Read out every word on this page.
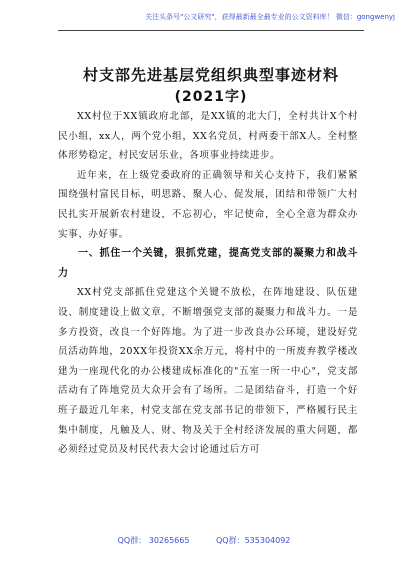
关注头条号"公文研究"，获得最新最全最专业的公文资料库！ 微信：gongwenyj
村支部先进基层党组织典型事迹材料
(2021字)

XX村位于XX镇政府北部，是XX镇的北大门，全村共计X个村民小组，xx人，两个党小组，XX名党员，村两委干部X人。全村整体形势稳定，村民安居乐业，各项事业持续进步。

近年来，在上级党委政府的正确领导和关心支持下，我们紧紧围绕强村富民目标，明思路、聚人心、促发展，团结和带领广大村民扎实开展新农村建设，不忘初心，牢记使命，全心全意为群众办实事、办好事。

一、抓住一个关键，狠抓党建，提高党支部的凝聚力和战斗力

XX村党支部抓住党建这个关键不放松，在阵地建设、队伍建设、制度建设上做文章，不断增强党支部的凝聚力和战斗力。一是多方投资，改良一个好阵地。为了进一步改良办公环境，建设好党员活动阵地，20XX年投资XX余万元，将村中的一所废弃教学楼改建为一座现代化的办公楼建成标准化的"五室一所一中心"，党支部活动有了阵地党员大众开会有了场所。二是团结奋斗，打造一个好班子最近几年来，村党支部在党支部书记的带领下，严格履行民主集中制度，凡触及人、财、物及关于全村经济发展的重大问题，都必须经过党员及村民代表大会讨论通过后方可

QQ群： 30265665	QQ群：535304092
